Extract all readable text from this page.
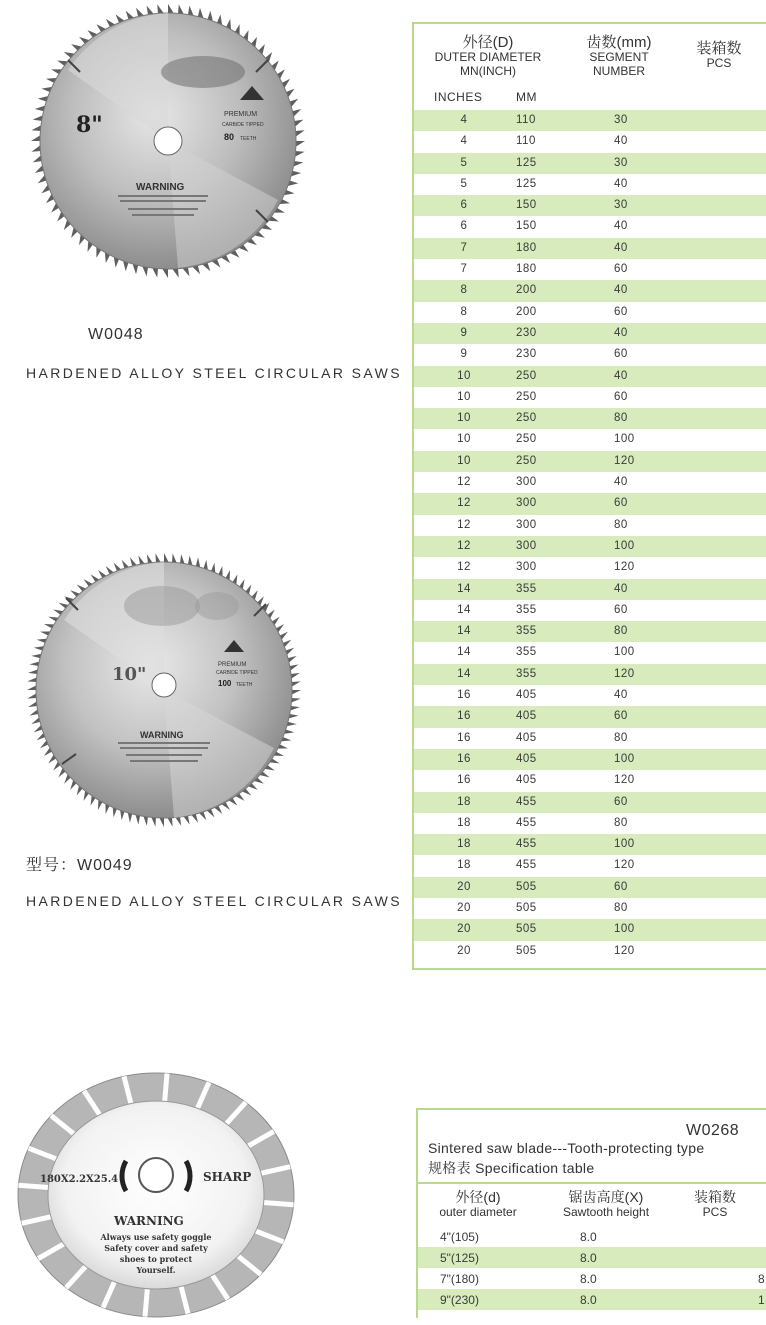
8"	PREMIUM
CARBIDE TIPPED
80 TEETH
WARNING
W0048
HARDENED ALLOY STEEL CIRCULAR SAWS
10"	PREMIUM
CARBIDE TIPPED
100 TEETH
WARNING
型号：W0049
HARDENED ALLOY STEEL CIRCULAR SAWS
180X2.2X25.4	SHARP
WARNING
Always use safety goggle
Safety cover and safety
shoes to protect
Yourself.
外径(D)
DUTER DIAMETER
MN(INCH)
齿数(mm)
SEGMENT
NUMBER
装箱数
PCS
INCHES	MM
4	110	30
4	110	40
5	125	30
5	125	40
6	150	30
6	150	40
7	180	40
7	180	60
8	200	40
8	200	60
9	230	40
9	230	60
10	250	40
10	250	60
10	250	80
10	250	100
10	250	120
12	300	40
12	300	60
12	300	80
12	300	100
12	300	120
14	355	40
14	355	60
14	355	80
14	355	100
14	355	120
16	405	40
16	405	60
16	405	80
16	405	100
16	405	120
18	455	60
18	455	80
18	455	100
18	455	120
20	505	60
20	505	80
20	505	100
20	505	120
W0268
Sintered saw blade---Tooth-protecting type
规格表 Specification table
外径(d)
outer diameter
锯齿高度(X)
Sawtooth height
装箱数
PCS
4"(105)	8.0
5"(125)	8.0
7"(180)	8.0	8
9"(230)	8.0	1
